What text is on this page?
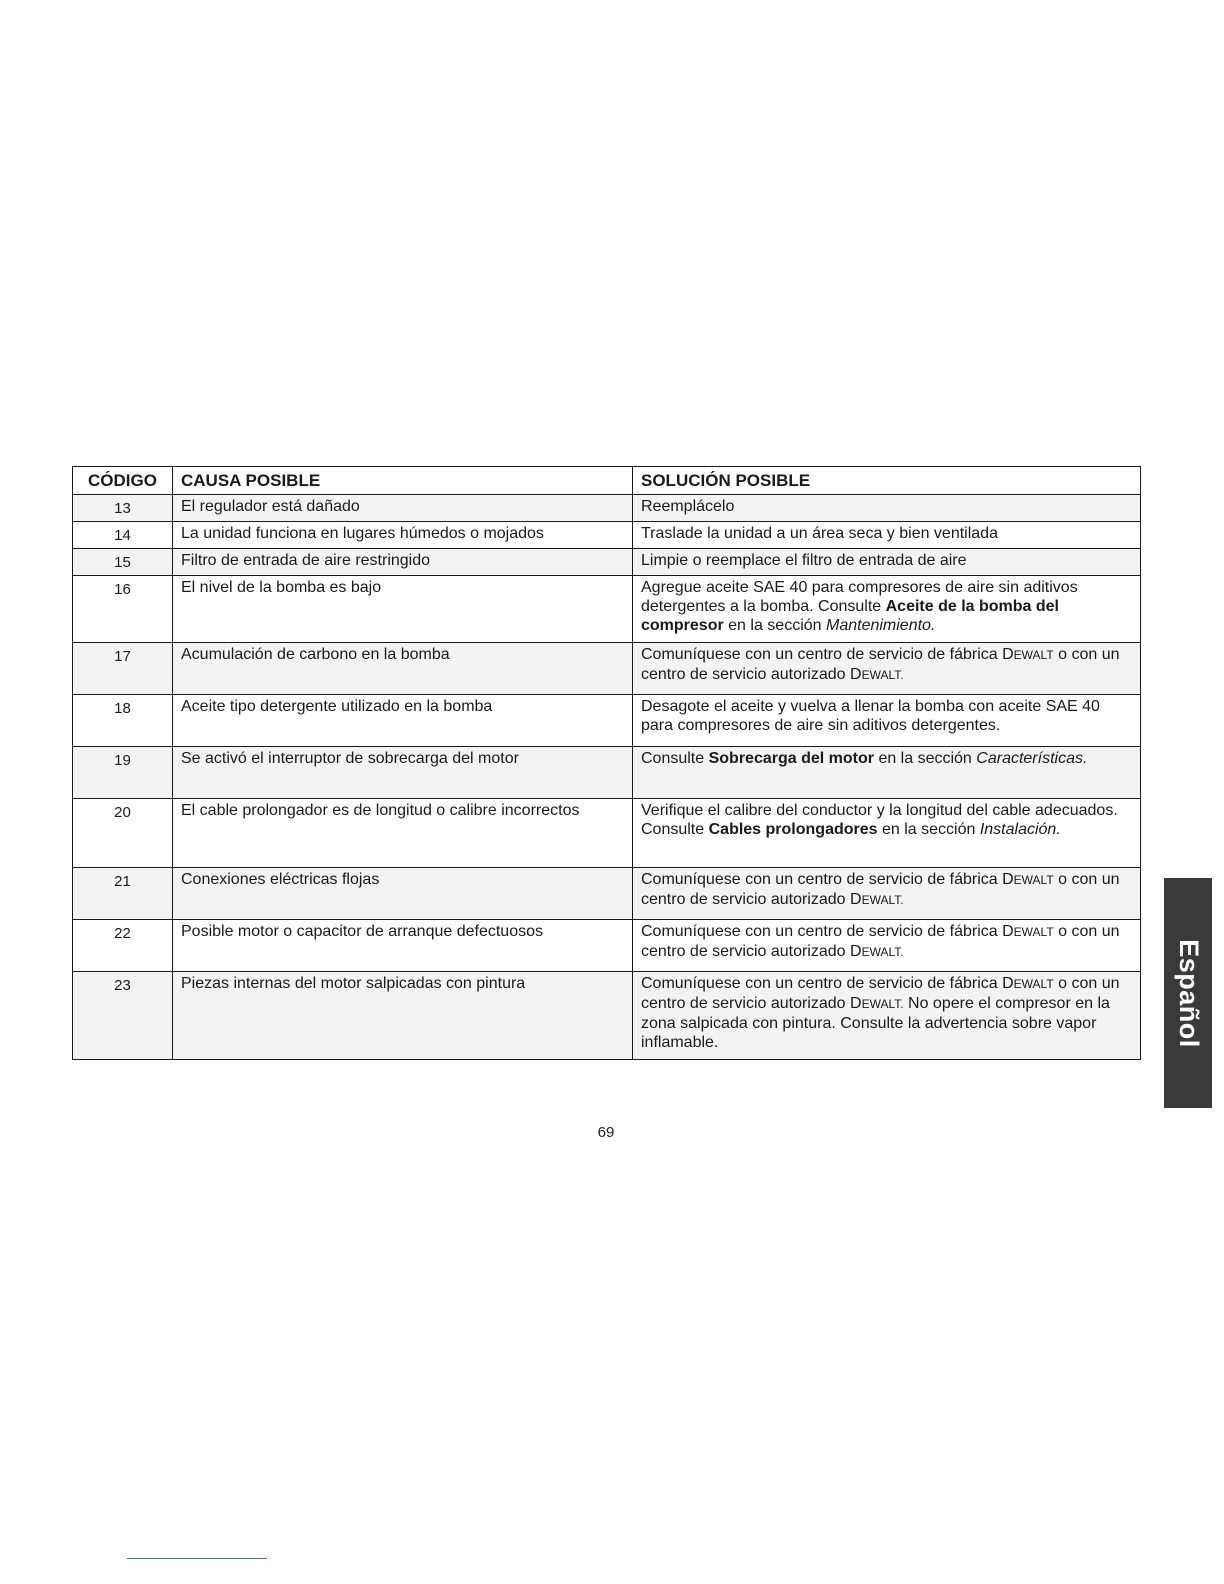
CÓDIGO	CAUSA POSIBLE	SOLUCIÓN POSIBLE
13	El regulador está dañado	Reemplácelo
14	La unidad funciona en lugares húmedos o mojados	Traslade la unidad a un área seca y bien ventilada
15	Filtro de entrada de aire restringido	Limpie o reemplace el filtro de entrada de aire
16	El nivel de la bomba es bajo	Agregue aceite SAE 40 para compresores de aire sin aditivos detergentes a la bomba. Consulte Aceite de la bomba del compresor en la sección Mantenimiento.
17	Acumulación de carbono en la bomba	Comuníquese con un centro de servicio de fábrica DEWALT o con un centro de servicio autorizado DEWALT.
18	Aceite tipo detergente utilizado en la bomba	Desagote el aceite y vuelva a llenar la bomba con aceite SAE 40 para compresores de aire sin aditivos detergentes.
19	Se activó el interruptor de sobrecarga del motor	Consulte Sobrecarga del motor en la sección Características.
20	El cable prolongador es de longitud o calibre incorrectos	Verifique el calibre del conductor y la longitud del cable adecuados. Consulte Cables prolongadores en la sección Instalación.
21	Conexiones eléctricas flojas	Comuníquese con un centro de servicio de fábrica DEWALT o con un centro de servicio autorizado DEWALT.
22	Posible motor o capacitor de arranque defectuosos	Comuníquese con un centro de servicio de fábrica DEWALT o con un centro de servicio autorizado DEWALT.
23	Piezas internas del motor salpicadas con pintura	Comuníquese con un centro de servicio de fábrica DEWALT o con un centro de servicio autorizado DEWALT. No opere el compresor en la zona salpicada con pintura. Consulte la advertencia sobre vapor inflamable.
69
Español
